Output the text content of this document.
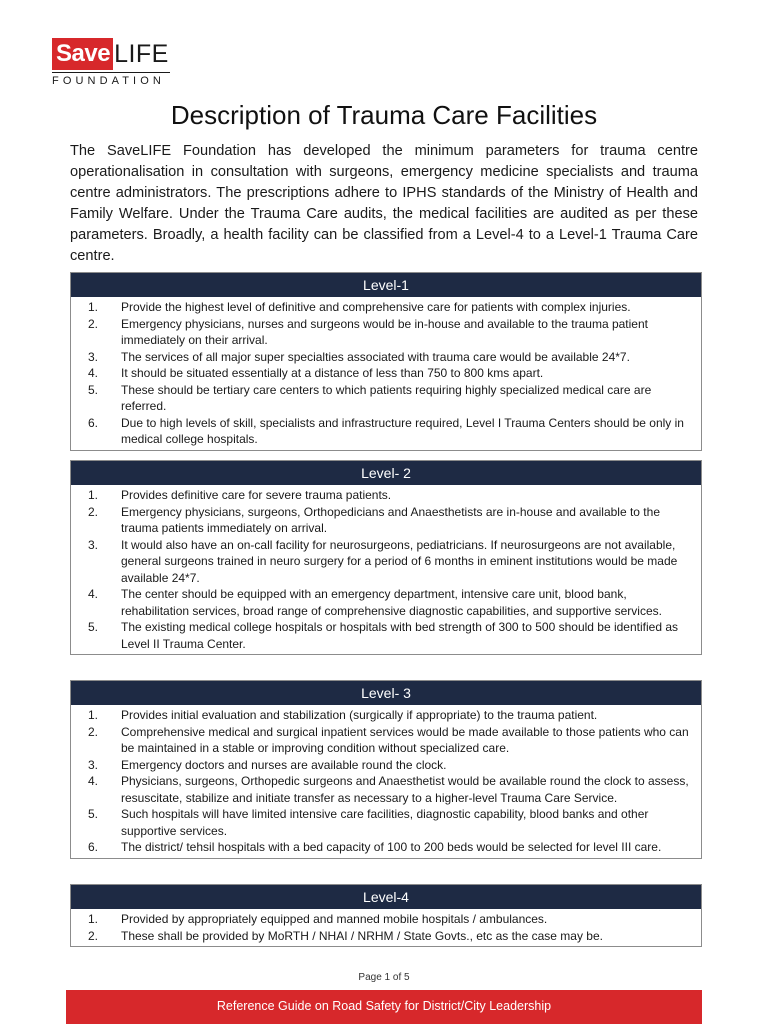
Save LIFE
FOUNDATION
Description of Trauma Care Facilities

The SaveLIFE Foundation has developed the minimum parameters for trauma centre operationalisation in consultation with surgeons, emergency medicine specialists and trauma centre administrators. The prescriptions adhere to IPHS standards of the Ministry of Health and Family Welfare. Under the Trauma Care audits, the medical facilities are audited as per these parameters. Broadly, a health facility can be classified from a Level-4 to a Level-1 Trauma Care centre.

Level-1
1. Provide the highest level of definitive and comprehensive care for patients with complex injuries.
2. Emergency physicians, nurses and surgeons would be in-house and available to the trauma patient immediately on their arrival.
3. The services of all major super specialties associated with trauma care would be available 24*7.
4. It should be situated essentially at a distance of less than 750 to 800 kms apart.
5. These should be tertiary care centers to which patients requiring highly specialized medical care are referred.
6. Due to high levels of skill, specialists and infrastructure required, Level I Trauma Centers should be only in medical college hospitals.
Level- 2
1. Provides definitive care for severe trauma patients.
2. Emergency physicians, surgeons, Orthopedicians and Anaesthetists are in-house and available to the trauma patients immediately on arrival.
3. It would also have an on-call facility for neurosurgeons, pediatricians. If neurosurgeons are not available, general surgeons trained in neuro surgery for a period of 6 months in eminent institutions would be made available 24*7.
4. The center should be equipped with an emergency department, intensive care unit, blood bank, rehabilitation services, broad range of comprehensive diagnostic capabilities, and supportive services.
5. The existing medical college hospitals or hospitals with bed strength of 300 to 500 should be identified as Level II Trauma Center.
Level- 3
1. Provides initial evaluation and stabilization (surgically if appropriate) to the trauma patient.
2. Comprehensive medical and surgical inpatient services would be made available to those patients who can be maintained in a stable or improving condition without specialized care.
3. Emergency doctors and nurses are available round the clock.
4. Physicians, surgeons, Orthopedic surgeons and Anaesthetist would be available round the clock to assess, resuscitate, stabilize and initiate transfer as necessary to a higher-level Trauma Care Service.
5. Such hospitals will have limited intensive care facilities, diagnostic capability, blood banks and other supportive services.
6. The district/ tehsil hospitals with a bed capacity of 100 to 200 beds would be selected for level III care.
Level-4
1. Provided by appropriately equipped and manned mobile hospitals / ambulances.
2. These shall be provided by MoRTH / NHAI / NRHM / State Govts., etc as the case may be.
Page 1 of 5
Reference Guide on Road Safety for District/City Leadership
